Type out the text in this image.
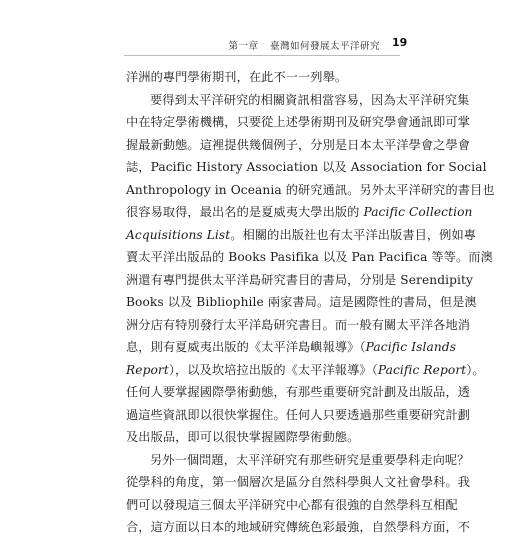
第一章 臺灣如何發展太平洋研究 19

洋洲的專門學術期刊，在此不一一列舉。

要得到太平洋研究的相關資訊相當容易，因為太平洋研究集
中在特定學術機構，只要從上述學術期刊及研究學會通訊即可掌
握最新動態。這裡提供幾個例子，分別是日本太平洋學會之學會
誌，Pacific History Association 以及 Association for Social
Anthropology in Oceania 的研究通訊。另外太平洋研究的書目也
很容易取得，最出名的是夏威夷大學出版的 Pacific Collection
Acquisitions List。相關的出版社也有太平洋出版書目，例如專
賣太平洋出版品的 Books Pasifika 以及 Pan Pacifica 等等。而澳
洲還有專門提供太平洋島研究書目的書局，分別是 Serendipity
Books 以及 Bibliophile 兩家書局。這是國際性的書局，但是澳
洲分店有特別發行太平洋島研究書目。而一般有關太平洋各地消
息，則有夏威夷出版的《太平洋島嶼報導》（Pacific Islands
Report），以及坎培拉出版的《太平洋報導》（Pacific Report）。
任何人要掌握國際學術動態，有那些重要研究計劃及出版品，透
過這些資訊即以很快掌握住。任何人只要透過那些重要研究計劃
及出版品，即可以很快掌握國際學術動態。

另外一個問題，太平洋研究有那些研究是重要學科走向呢？
從學科的角度，第一個層次是區分自然科學與人文社會學科。我
們可以發現這三個太平洋研究中心都有很強的自然學科互相配
合，這方面以日本的地域研究傳統色彩最強，自然學科方面，不
